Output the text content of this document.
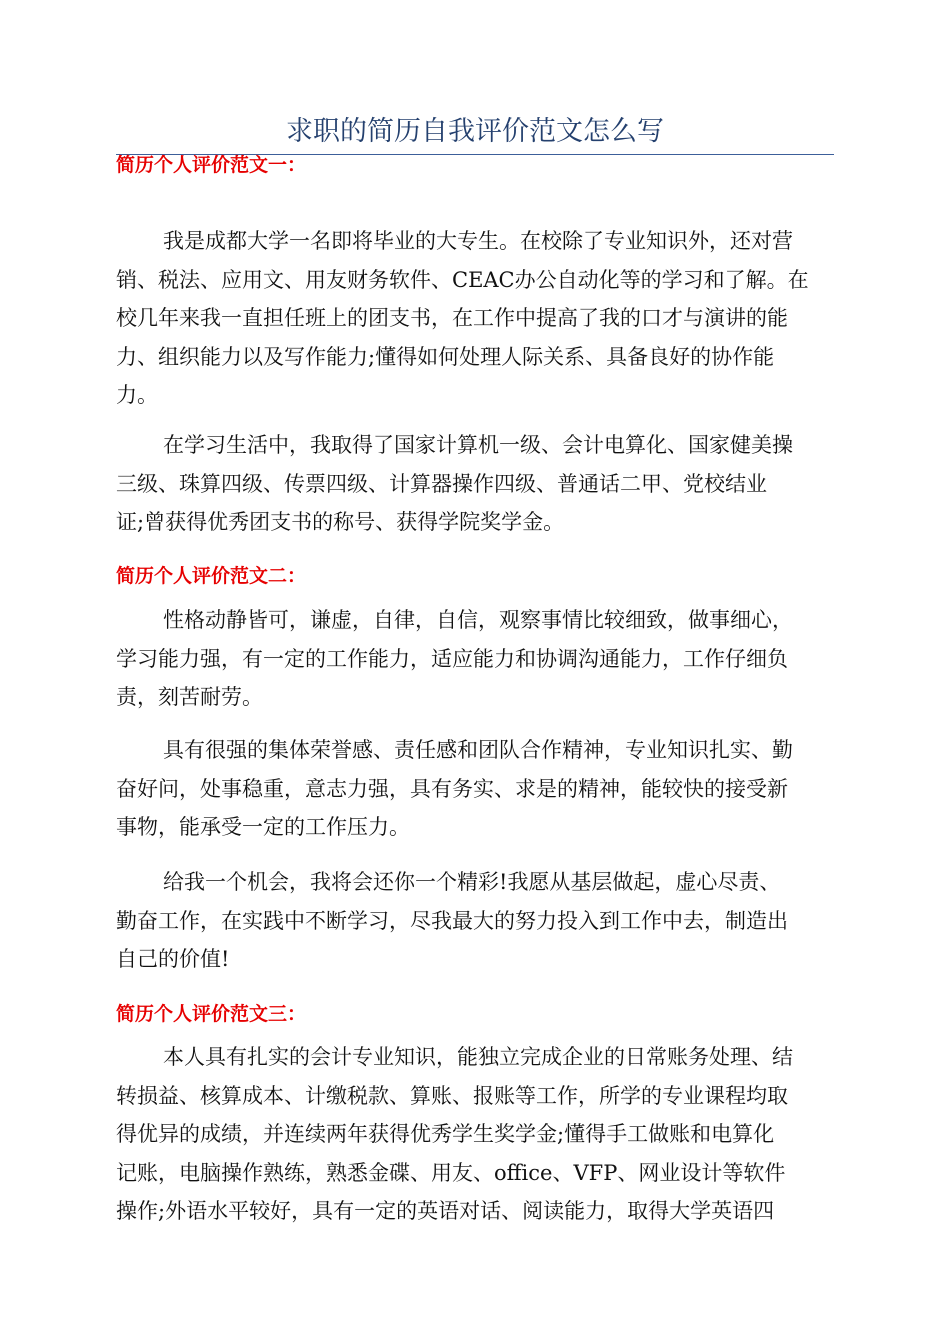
求职的简历自我评价范文怎么写
简历个人评价范文一：
我是成都大学一名即将毕业的大专生。在校除了专业知识外，还对营
销、税法、应用文、用友财务软件、CEAC办公自动化等的学习和了解。在
校几年来我一直担任班上的团支书，在工作中提高了我的口才与演讲的能
力、组织能力以及写作能力;懂得如何处理人际关系、具备良好的协作能
力。
在学习生活中，我取得了国家计算机一级、会计电算化、国家健美操
三级、珠算四级、传票四级、计算器操作四级、普通话二甲、党校结业
证;曾获得优秀团支书的称号、获得学院奖学金。
简历个人评价范文二：
性格动静皆可，谦虚，自律，自信，观察事情比较细致，做事细心，
学习能力强，有一定的工作能力，适应能力和协调沟通能力，工作仔细负
责，刻苦耐劳。
具有很强的集体荣誉感、责任感和团队合作精神，专业知识扎实、勤
奋好问，处事稳重，意志力强，具有务实、求是的精神，能较快的接受新
事物，能承受一定的工作压力。
给我一个机会，我将会还你一个精彩!我愿从基层做起，虚心尽责、
勤奋工作，在实践中不断学习，尽我最大的努力投入到工作中去，制造出
自己的价值!
简历个人评价范文三：
本人具有扎实的会计专业知识，能独立完成企业的日常账务处理、结
转损益、核算成本、计缴税款、算账、报账等工作，所学的专业课程均取
得优异的成绩，并连续两年获得优秀学生奖学金;懂得手工做账和电算化
记账，电脑操作熟练，熟悉金碟、用友、office、VFP、网业设计等软件
操作;外语水平较好，具有一定的英语对话、阅读能力，取得大学英语四
